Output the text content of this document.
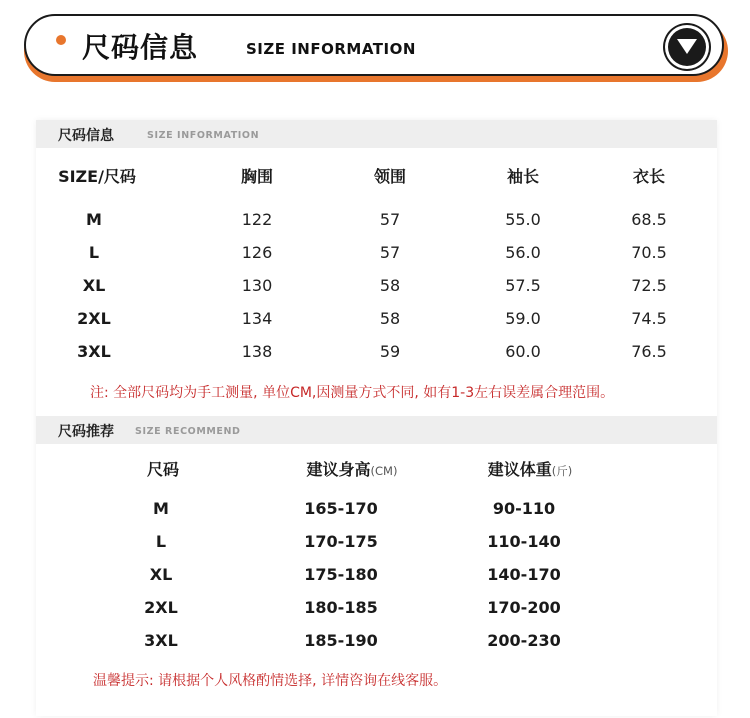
尺码信息	SIZE INFORMATION
尺码信息	SIZE INFORMATION
SIZE/尺码	胸围	领围	袖长	衣长
M	122	57	55.0	68.5
L	126	57	56.0	70.5
XL	130	58	57.5	72.5
2XL	134	58	59.0	74.5
3XL	138	59	60.0	76.5
注: 全部尺码均为手工测量, 单位CM,因测量方式不同, 如有1-3左右误差属合理范围。
尺码推荐 SIZE RECOMMEND
尺码	建议身高(CM)	建议体重(斤)
M	165-170	90-110
L	170-175	110-140
XL	175-180	140-170
2XL	180-185	170-200
3XL	185-190	200-230
温馨提示: 请根据个人风格酌情选择, 详情咨询在线客服。
